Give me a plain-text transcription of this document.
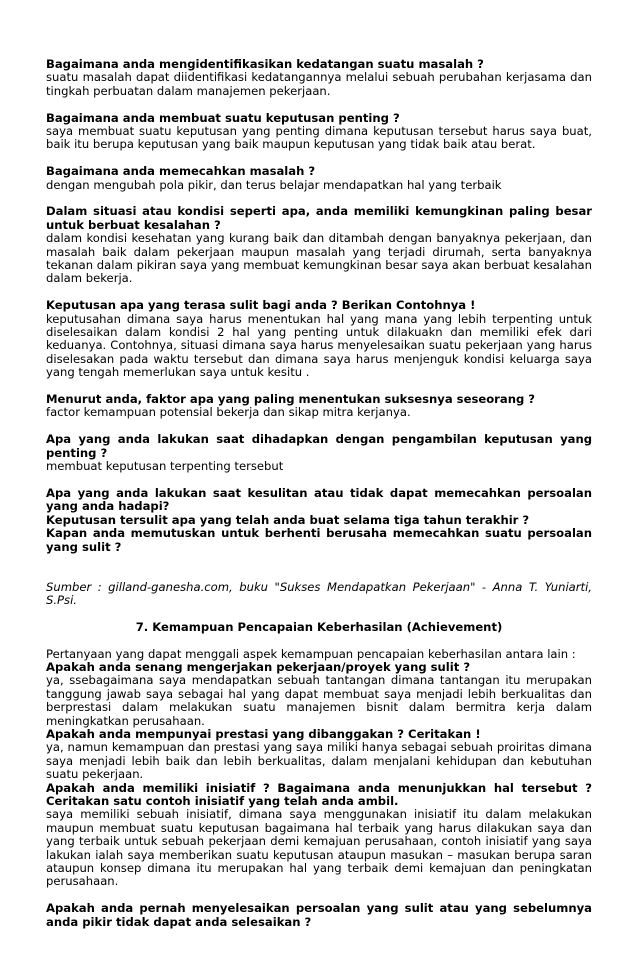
Bagaimana anda mengidentifikasikan kedatangan suatu masalah ?
suatu masalah dapat diidentifikasi kedatangannya melalui sebuah perubahan kerjasama dan tingkah perbuatan dalam manajemen pekerjaan.
Bagaimana anda membuat suatu keputusan penting ?
saya membuat suatu keputusan yang penting dimana keputusan tersebut harus saya buat, baik itu berupa keputusan yang baik maupun keputusan yang tidak baik atau berat.
Bagaimana anda memecahkan masalah ?
dengan mengubah pola pikir, dan terus belajar mendapatkan hal yang terbaik
Dalam situasi atau kondisi seperti apa, anda memiliki kemungkinan paling besar untuk berbuat kesalahan ?
dalam kondisi kesehatan yang kurang baik dan ditambah dengan banyaknya pekerjaan, dan masalah baik dalam pekerjaan maupun masalah yang terjadi dirumah, serta banyaknya tekanan dalam pikiran saya yang membuat kemungkinan besar saya akan berbuat kesalahan dalam bekerja.
Keputusan apa yang terasa sulit bagi anda ? Berikan Contohnya !
keputusahan dimana saya harus menentukan hal yang mana yang lebih terpenting untuk diselesaikan dalam kondisi 2 hal yang penting untuk dilakuakn dan memiliki efek dari keduanya. Contohnya, situasi dimana saya harus menyelesaikan suatu pekerjaan yang harus diselesakan pada waktu tersebut dan dimana saya harus menjenguk kondisi keluarga saya yang tengah memerlukan saya untuk kesitu .
Menurut anda, faktor apa yang paling menentukan suksesnya seseorang ?
factor kemampuan potensial bekerja dan sikap mitra kerjanya.
Apa yang anda lakukan saat dihadapkan dengan pengambilan keputusan yang penting ?
membuat keputusan terpenting tersebut
Apa yang anda lakukan saat kesulitan atau tidak dapat memecahkan persoalan yang anda hadapi?
Keputusan tersulit apa yang telah anda buat selama tiga tahun terakhir ?
Kapan anda memutuskan untuk berhenti berusaha memecahkan suatu persoalan yang sulit ?
Sumber : gilland-ganesha.com, buku "Sukses Mendapatkan Pekerjaan" - Anna T. Yuniarti, S.Psi.
7. Kemampuan Pencapaian Keberhasilan (Achievement)
Pertanyaan yang dapat menggali aspek kemampuan pencapaian keberhasilan antara lain :
Apakah anda senang mengerjakan pekerjaan/proyek yang sulit ?
ya, ssebagaimana saya mendapatkan sebuah tantangan dimana tantangan itu merupakan tanggung jawab saya sebagai hal yang dapat membuat saya menjadi lebih berkualitas dan berprestasi dalam melakukan suatu manajemen bisnit dalam bermitra kerja dalam meningkatkan perusahaan.
Apakah anda mempunyai prestasi yang dibanggakan ? Ceritakan !
ya, namun kemampuan dan prestasi yang saya miliki hanya sebagai sebuah proiritas dimana saya menjadi lebih baik dan lebih berkualitas, dalam menjalani kehidupan dan kebutuhan suatu pekerjaan.
Apakah anda memiliki inisiatif ? Bagaimana anda menunjukkan hal tersebut ? Ceritakan satu contoh inisiatif yang telah anda ambil.
saya memiliki sebuah inisiatif, dimana saya menggunakan inisiatif itu dalam melakukan maupun membuat suatu keputusan bagaimana hal terbaik yang harus dilakukan saya dan yang terbaik untuk sebuah pekerjaan demi kemajuan perusahaan, contoh inisiatif yang saya lakukan ialah saya memberikan suatu keputusan ataupun masukan – masukan berupa saran ataupun konsep dimana itu merupakan hal yang terbaik demi kemajuan dan peningkatan perusahaan.
Apakah anda pernah menyelesaikan persoalan yang sulit atau yang sebelumnya anda pikir tidak dapat anda selesaikan ?
